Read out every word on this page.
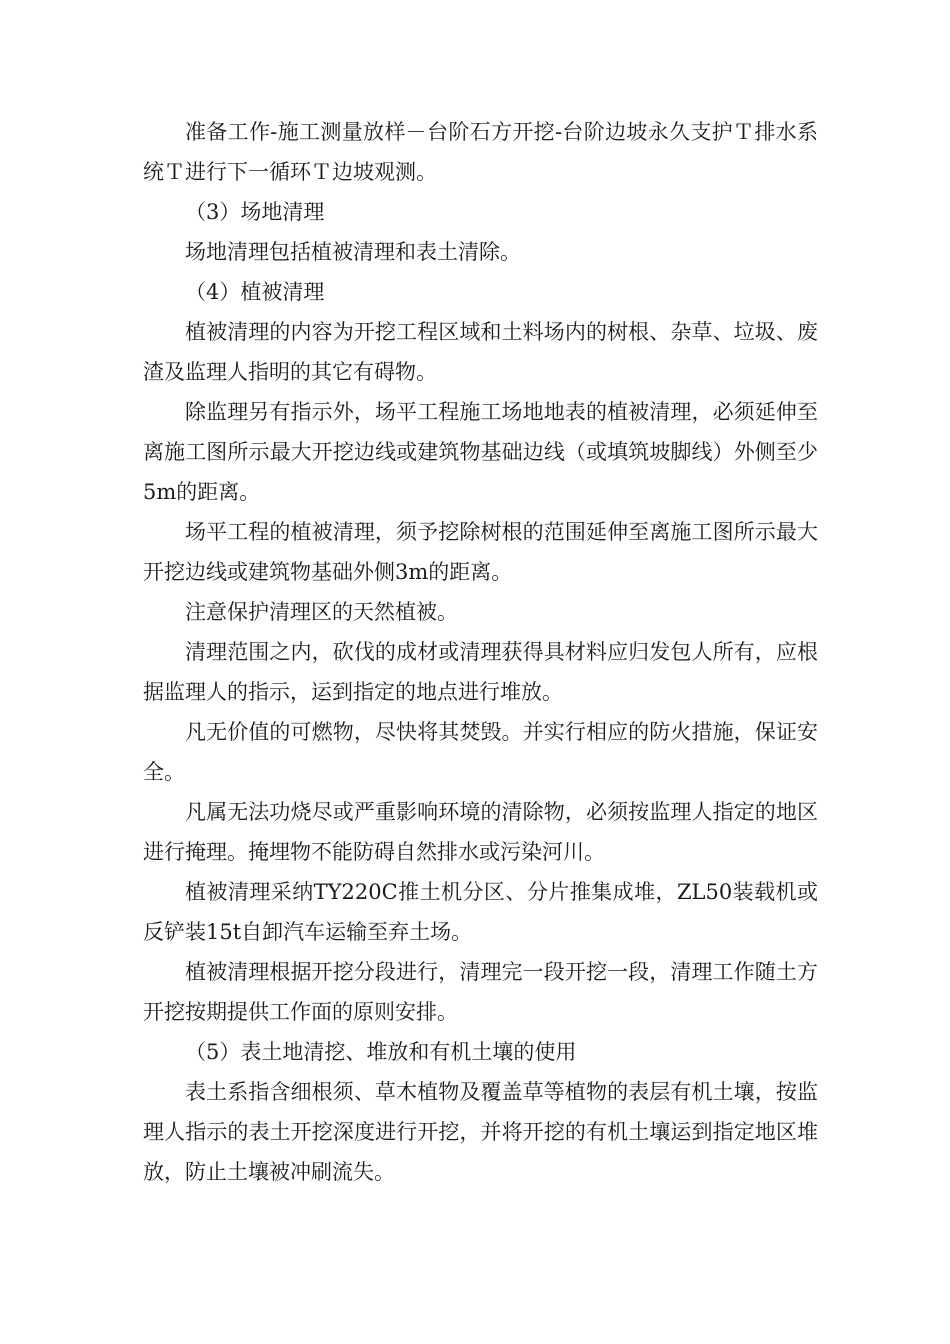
准备工作-施工测量放样－台阶石方开挖-台阶边坡永久支护Ｔ排水系统Ｔ进行下一循环Ｔ边坡观测。

（3）场地清理

场地清理包括植被清理和表土清除。

（4）植被清理

植被清理的内容为开挖工程区域和土料场内的树根、杂草、垃圾、废渣及监理人指明的其它有碍物。

除监理另有指示外，场平工程施工场地地表的植被清理，必须延伸至离施工图所示最大开挖边线或建筑物基础边线（或填筑坡脚线）外侧至少5m的距离。

场平工程的植被清理，须予挖除树根的范围延伸至离施工图所示最大开挖边线或建筑物基础外侧3m的距离。

注意保护清理区的天然植被。

清理范围之内，砍伐的成材或清理获得具材料应归发包人所有，应根据监理人的指示，运到指定的地点进行堆放。

凡无价值的可燃物，尽快将其焚毁。并实行相应的防火措施，保证安全。

凡属无法功烧尽或严重影响环境的清除物，必须按监理人指定的地区进行掩理。掩埋物不能防碍自然排水或污染河川。

植被清理采纳TY220C推土机分区、分片推集成堆，ZL50装载机或反铲装15t自卸汽车运输至弃土场。

植被清理根据开挖分段进行，清理完一段开挖一段，清理工作随土方开挖按期提供工作面的原则安排。

（5）表土地清挖、堆放和有机土壤的使用

表土系指含细根须、草木植物及覆盖草等植物的表层有机土壤，按监理人指示的表土开挖深度进行开挖，并将开挖的有机土壤运到指定地区堆放，防止土壤被冲刷流失。
